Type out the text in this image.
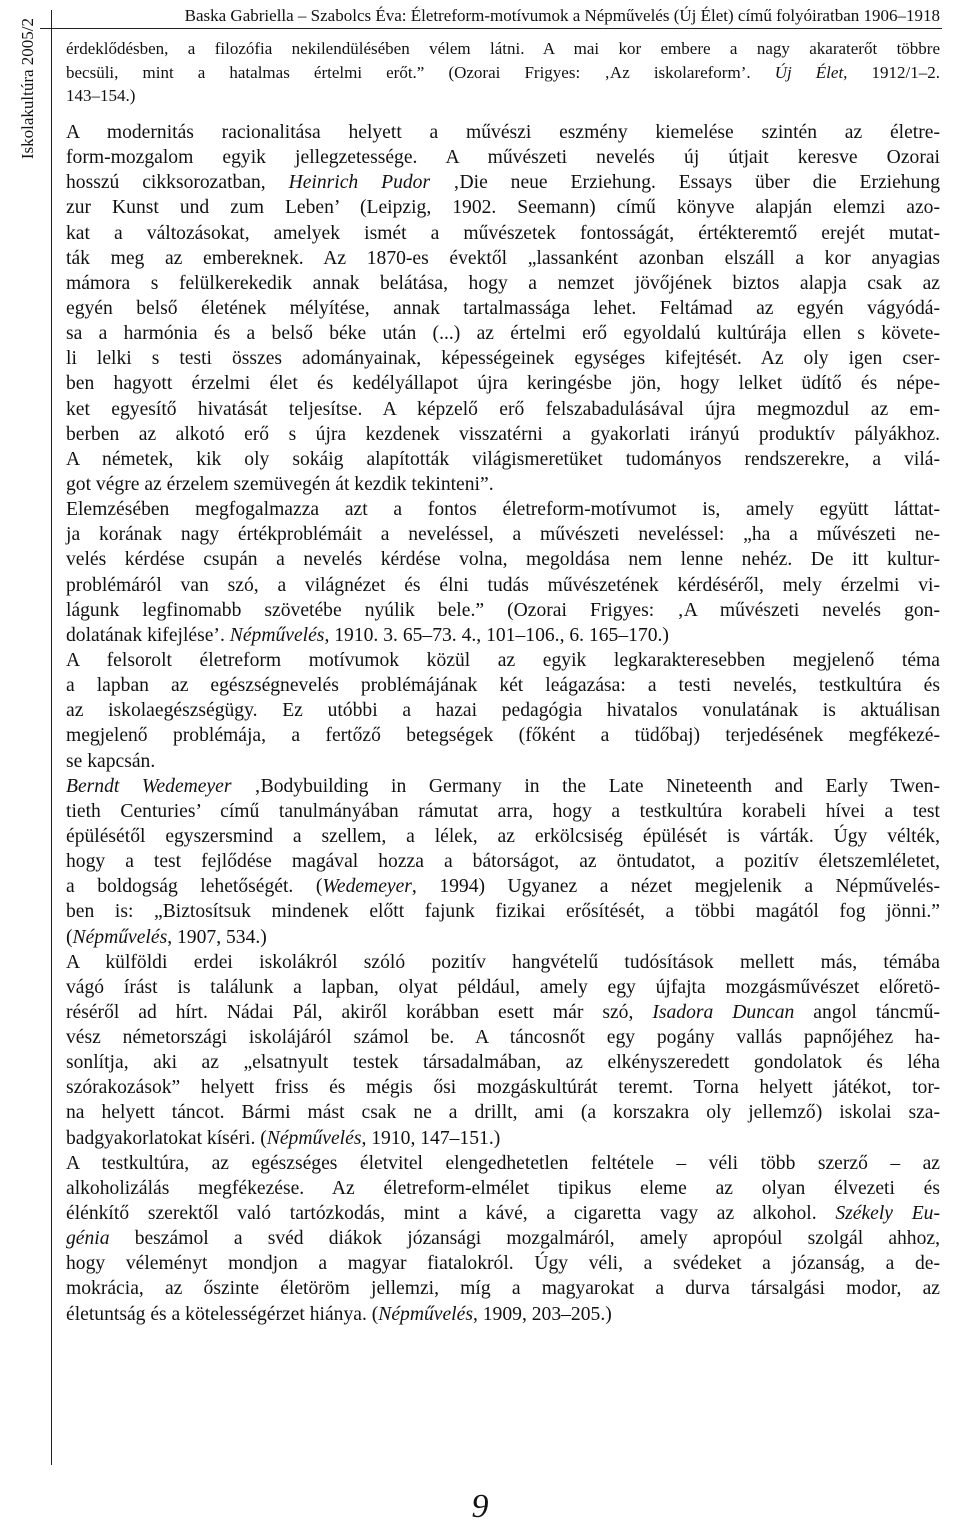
Iskolakultúra 2005/2
Baska Gabriella – Szabolcs Éva: Életreform-motívumok a Népművelés (Új Élet) című folyóiratban 1906–1918
érdeklődésben, a filozófia nekilendülésében vélem látni. A mai kor embere a nagy akaraterőt többre
becsüli, mint a hatalmas értelmi erőt.” (Ozorai Frigyes: ‚Az iskolareform’. Új Élet, 1912/1–2.
143–154.)
A modernitás racionalitása helyett a művészi eszmény kiemelése szintén az életre-
form-mozgalom egyik jellegzetessége. A művészeti nevelés új útjait keresve Ozorai
hosszú cikksorozatban, Heinrich Pudor ‚Die neue Erziehung. Essays über die Erziehung
zur Kunst und zum Leben’ (Leipzig, 1902. Seemann) című könyve alapján elemzi azo-
kat a változásokat, amelyek ismét a művészetek fontosságát, értékteremtő erejét mutat-
ták meg az embereknek. Az 1870-es évektől „lassanként azonban elszáll a kor anyagias
mámora s felülkerekedik annak belátása, hogy a nemzet jövőjének biztos alapja csak az
egyén belső életének mélyítése, annak tartalmassága lehet. Feltámad az egyén vágyódá-
sa a harmónia és a belső béke után (...) az értelmi erő egyoldalú kultúrája ellen s követe-
li lelki s testi összes adományainak, képességeinek egységes kifejtését. Az oly igen cser-
ben hagyott érzelmi élet és kedélyállapot újra keringésbe jön, hogy lelket üdítő és népe-
ket egyesítő hivatását teljesítse. A képzelő erő felszabadulásával újra megmozdul az em-
berben az alkotó erő s újra kezdenek visszatérni a gyakorlati irányú produktív pályákhoz.
A németek, kik oly sokáig alapították világismeretüket tudományos rendszerekre, a vilá-
got végre az érzelem szemüvegén át kezdik tekinteni”.
Elemzésében megfogalmazza azt a fontos életreform-motívumot is, amely együtt láttat-
ja korának nagy értékproblémáit a neveléssel, a művészeti neveléssel: „ha a művészeti ne-
velés kérdése csupán a nevelés kérdése volna, megoldása nem lenne nehéz. De itt kultur-
problémáról van szó, a világnézet és élni tudás művészetének kérdéséről, mely érzelmi vi-
lágunk legfinomabb szövetébe nyúlik bele.” (Ozorai Frigyes: ‚A művészeti nevelés gon-
dolatának kifejlése’. Népművelés, 1910. 3. 65–73. 4., 101–106., 6. 165–170.)
A felsorolt életreform motívumok közül az egyik legkarakteresebben megjelenő téma
a lapban az egészségnevelés problémájának két leágazása: a testi nevelés, testkultúra és
az iskolaegészségügy. Ez utóbbi a hazai pedagógia hivatalos vonulatának is aktuálisan
megjelenő problémája, a fertőző betegségek (főként a tüdőbaj) terjedésének megfékezé-
se kapcsán.
Berndt Wedemeyer ‚Bodybuilding in Germany in the Late Nineteenth and Early Twen-
tieth Centuries’ című tanulmányában rámutat arra, hogy a testkultúra korabeli hívei a test
épülésétől egyszersmind a szellem, a lélek, az erkölcsiség épülését is várták. Úgy vélték,
hogy a test fejlődése magával hozza a bátorságot, az öntudatot, a pozitív életszemléletet,
a boldogság lehetőségét. (Wedemeyer, 1994) Ugyanez a nézet megjelenik a Népművelés-
ben is: „Biztosítsuk mindenek előtt fajunk fizikai erősítését, a többi magától fog jönni.”
(Népművelés, 1907, 534.)
A külföldi erdei iskolákról szóló pozitív hangvételű tudósítások mellett más, témába
vágó írást is találunk a lapban, olyat például, amely egy újfajta mozgásművészet előretö-
réséről ad hírt. Nádai Pál, akiről korábban esett már szó, Isadora Duncan angol táncmű-
vész németországi iskolájáról számol be. A táncosnőt egy pogány vallás papnőjéhez ha-
sonlítja, aki az „elsatnyult testek társadalmában, az elkényszeredett gondolatok és léha
szórakozások” helyett friss és mégis ősi mozgáskultúrát teremt. Torna helyett játékot, tor-
na helyett táncot. Bármi mást csak ne a drillt, ami (a korszakra oly jellemző) iskolai sza-
badgyakorlatokat kíséri. (Népművelés, 1910, 147–151.)
A testkultúra, az egészséges életvitel elengedhetetlen feltétele – véli több szerző – az
alkoholizálás megfékezése. Az életreform-elmélet tipikus eleme az olyan élvezeti és
élénkítő szerektől való tartózkodás, mint a kávé, a cigaretta vagy az alkohol. Székely Eu-
génia beszámol a svéd diákok józansági mozgalmáról, amely apropóul szolgál ahhoz,
hogy véleményt mondjon a magyar fiatalokról. Úgy véli, a svédeket a józanság, a de-
mokrácia, az őszinte életöröm jellemzi, míg a magyarokat a durva társalgási modor, az
életuntság és a kötelességérzet hiánya. (Népművelés, 1909, 203–205.)
9
